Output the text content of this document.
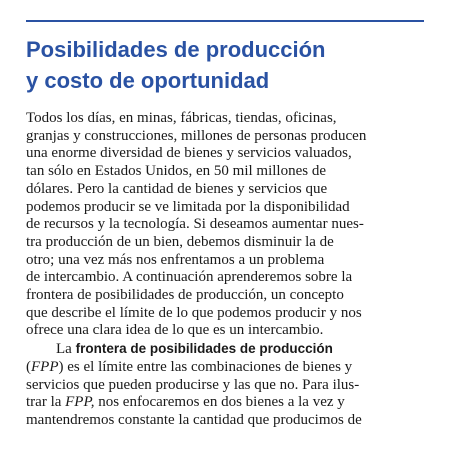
Posibilidades de producción
y costo de oportunidad
Todos los días, en minas, fábricas, tiendas, oficinas,
granjas y construcciones, millones de personas producen
una enorme diversidad de bienes y servicios valuados,
tan sólo en Estados Unidos, en 50 mil millones de
dólares. Pero la cantidad de bienes y servicios que
podemos producir se ve limitada por la disponibilidad
de recursos y la tecnología. Si deseamos aumentar nues-
tra producción de un bien, debemos disminuir la de
otro; una vez más nos enfrentamos a un problema
de intercambio. A continuación aprenderemos sobre la
frontera de posibilidades de producción, un concepto
que describe el límite de lo que podemos producir y nos
ofrece una clara idea de lo que es un intercambio.
La frontera de posibilidades de producción
(FPP) es el límite entre las combinaciones de bienes y
servicios que pueden producirse y las que no. Para ilus-
trar la FPP, nos enfocaremos en dos bienes a la vez y
mantendremos constante la cantidad que producimos de
